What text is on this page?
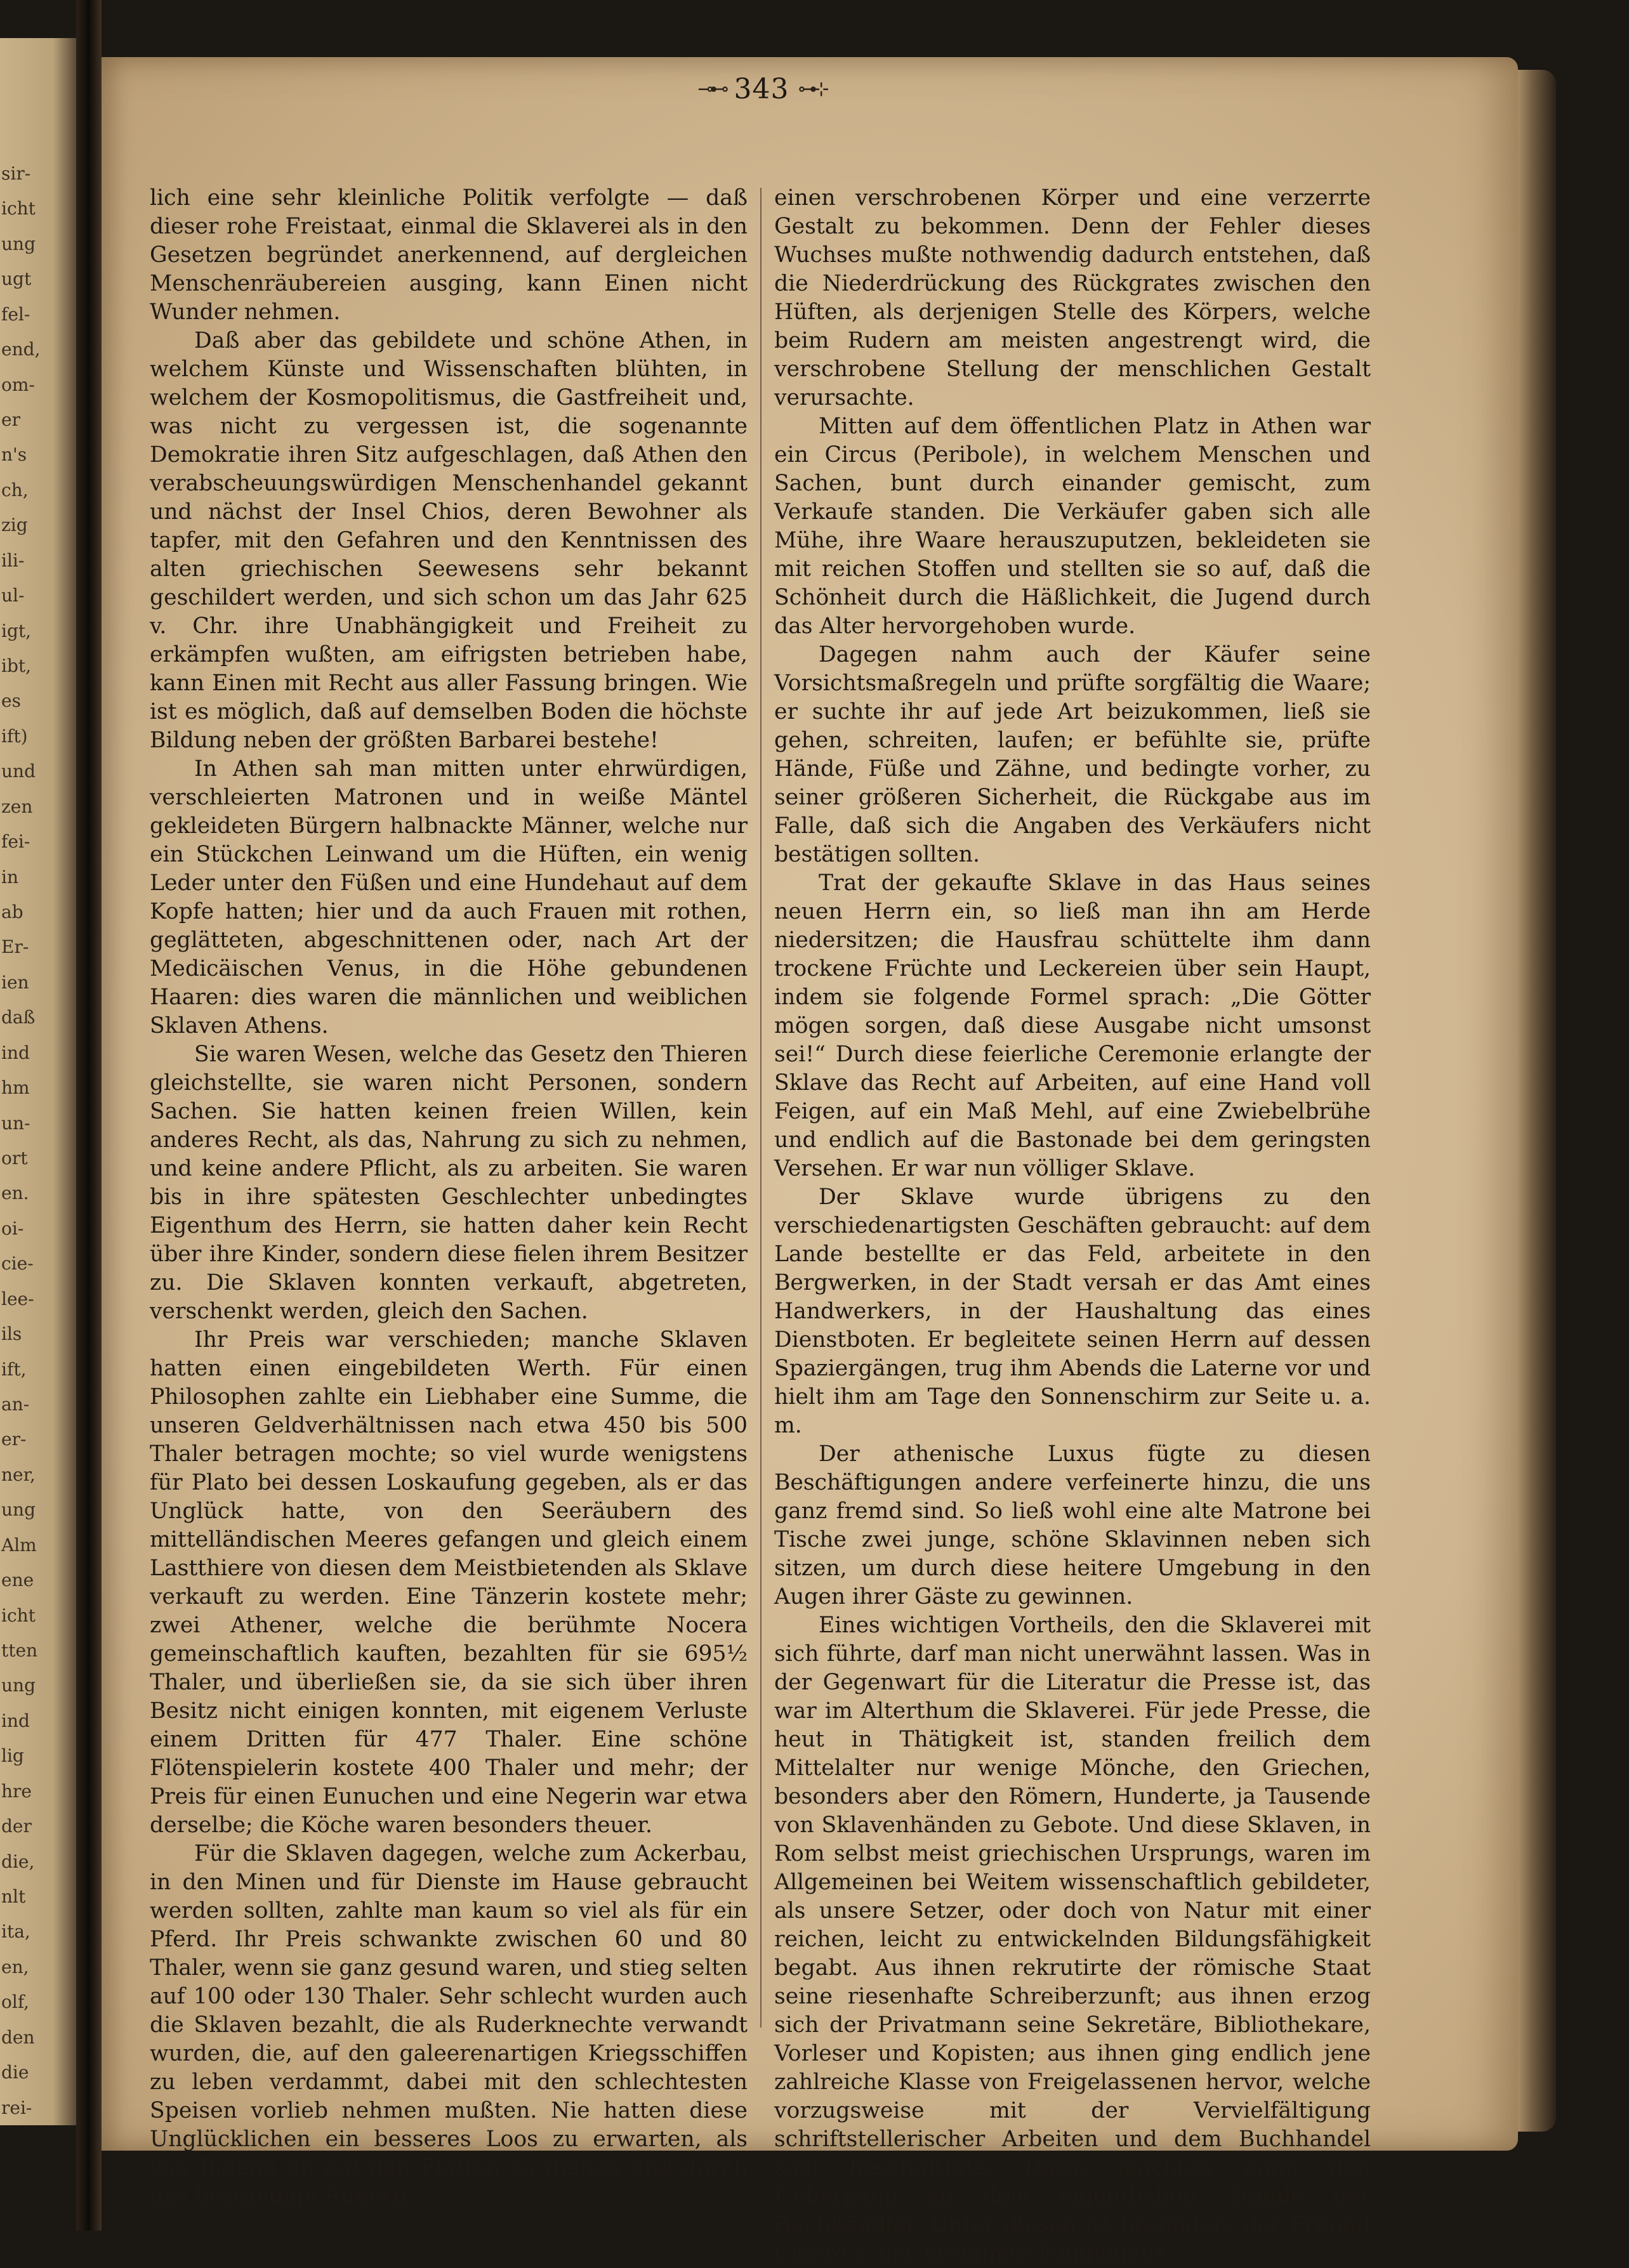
sir-
icht
ung
ugt
fel-
end,
om-
er
n's
ch,
zig
ili-
ul-
igt,
ibt,
es
ift)
und
zen
fei-
in
ab
Er-
ien
daß
ind
hm
un-
ort
en.
oi-
cie-
lee-
ils
ift,
an-
er-
ner,
ung
Alm
ene
icht
tten
ung
ind
lig
hre
der
die,
nlt
ita,
en,
olf,
den
die
rei-
⊸⊷ 343 ⊶⊹

lich eine sehr kleinliche Politik verfolgte — daß dieser rohe Freistaat, einmal die Sklaverei als in den Gesetzen begründet anerkennend, auf dergleichen Menschenräubereien ausging, kann Einen nicht Wunder nehmen.

Daß aber das gebildete und schöne Athen, in welchem Künste und Wissenschaften blühten, in welchem der Kosmopolitismus, die Gastfreiheit und, was nicht zu vergessen ist, die sogenannte Demokratie ihren Sitz aufgeschlagen, daß Athen den verabscheuungswürdigen Menschenhandel gekannt und nächst der Insel Chios, deren Bewohner als tapfer, mit den Gefahren und den Kenntnissen des alten griechischen Seewesens sehr bekannt geschildert werden, und sich schon um das Jahr 625 v. Chr. ihre Unabhängigkeit und Freiheit zu erkämpfen wußten, am eifrigsten betrieben habe, kann Einen mit Recht aus aller Fassung bringen. Wie ist es möglich, daß auf demselben Boden die höchste Bildung neben der größten Barbarei bestehe!

In Athen sah man mitten unter ehrwürdigen, verschleierten Matronen und in weiße Mäntel gekleideten Bürgern halbnackte Männer, welche nur ein Stückchen Leinwand um die Hüften, ein wenig Leder unter den Füßen und eine Hundehaut auf dem Kopfe hatten; hier und da auch Frauen mit rothen, geglätteten, abgeschnittenen oder, nach Art der Medicäischen Venus, in die Höhe gebundenen Haaren: dies waren die männlichen und weiblichen Sklaven Athens.

Sie waren Wesen, welche das Gesetz den Thieren gleichstellte, sie waren nicht Personen, sondern Sachen. Sie hatten keinen freien Willen, kein anderes Recht, als das, Nahrung zu sich zu nehmen, und keine andere Pflicht, als zu arbeiten. Sie waren bis in ihre spätesten Geschlechter unbedingtes Eigenthum des Herrn, sie hatten daher kein Recht über ihre Kinder, sondern diese fielen ihrem Besitzer zu. Die Sklaven konnten verkauft, abgetreten, verschenkt werden, gleich den Sachen.

Ihr Preis war verschieden; manche Sklaven hatten einen eingebildeten Werth. Für einen Philosophen zahlte ein Liebhaber eine Summe, die unseren Geldverhältnissen nach etwa 450 bis 500 Thaler betragen mochte; so viel wurde wenigstens für Plato bei dessen Loskaufung gegeben, als er das Unglück hatte, von den Seeräubern des mittelländischen Meeres gefangen und gleich einem Lastthiere von diesen dem Meistbietenden als Sklave verkauft zu werden. Eine Tänzerin kostete mehr; zwei Athener, welche die berühmte Nocera gemeinschaftlich kauften, bezahlten für sie 695½ Thaler, und überließen sie, da sie sich über ihren Besitz nicht einigen konnten, mit eigenem Verluste einem Dritten für 477 Thaler. Eine schöne Flötenspielerin kostete 400 Thaler und mehr; der Preis für einen Eunuchen und eine Negerin war etwa derselbe; die Köche waren besonders theuer.

Für die Sklaven dagegen, welche zum Ackerbau, in den Minen und für Dienste im Hause gebraucht werden sollten, zahlte man kaum so viel als für ein Pferd. Ihr Preis schwankte zwischen 60 und 80 Thaler, wenn sie ganz gesund waren, und stieg selten auf 100 oder 130 Thaler. Sehr schlecht wurden auch die Sklaven bezahlt, die als Ruderknechte verwandt wurden, die, auf den galeerenartigen Kriegsschiffen zu leben verdammt, dabei mit den schlechtesten Speisen vorlieb nehmen mußten. Nie hatten diese Unglücklichen ein besseres Loos zu erwarten, als von Jugend an auf den Flotten zu dienen und durch das beständige Rudern

einen verschrobenen Körper und eine verzerrte Gestalt zu bekommen. Denn der Fehler dieses Wuchses mußte nothwendig dadurch entstehen, daß die Niederdrückung des Rückgrates zwischen den Hüften, als derjenigen Stelle des Körpers, welche beim Rudern am meisten angestrengt wird, die verschrobene Stellung der menschlichen Gestalt verursachte.

Mitten auf dem öffentlichen Platz in Athen war ein Circus (Peribole), in welchem Menschen und Sachen, bunt durch einander gemischt, zum Verkaufe standen. Die Verkäufer gaben sich alle Mühe, ihre Waare herauszuputzen, bekleideten sie mit reichen Stoffen und stellten sie so auf, daß die Schönheit durch die Häßlichkeit, die Jugend durch das Alter hervorgehoben wurde.

Dagegen nahm auch der Käufer seine Vorsichtsmaßregeln und prüfte sorgfältig die Waare; er suchte ihr auf jede Art beizukommen, ließ sie gehen, schreiten, laufen; er befühlte sie, prüfte Hände, Füße und Zähne, und bedingte vorher, zu seiner größeren Sicherheit, die Rückgabe aus im Falle, daß sich die Angaben des Verkäufers nicht bestätigen sollten.

Trat der gekaufte Sklave in das Haus seines neuen Herrn ein, so ließ man ihn am Herde niedersitzen; die Hausfrau schüttelte ihm dann trockene Früchte und Leckereien über sein Haupt, indem sie folgende Formel sprach: „Die Götter mögen sorgen, daß diese Ausgabe nicht umsonst sei!“ Durch diese feierliche Ceremonie erlangte der Sklave das Recht auf Arbeiten, auf eine Hand voll Feigen, auf ein Maß Mehl, auf eine Zwiebelbrühe und endlich auf die Bastonade bei dem geringsten Versehen. Er war nun völliger Sklave.

Der Sklave wurde übrigens zu den verschiedenartigsten Geschäften gebraucht: auf dem Lande bestellte er das Feld, arbeitete in den Bergwerken, in der Stadt versah er das Amt eines Handwerkers, in der Haushaltung das eines Dienstboten. Er begleitete seinen Herrn auf dessen Spaziergängen, trug ihm Abends die Laterne vor und hielt ihm am Tage den Sonnenschirm zur Seite u. a. m.

Der athenische Luxus fügte zu diesen Beschäftigungen andere verfeinerte hinzu, die uns ganz fremd sind. So ließ wohl eine alte Matrone bei Tische zwei junge, schöne Sklavinnen neben sich sitzen, um durch diese heitere Umgebung in den Augen ihrer Gäste zu gewinnen.

Eines wichtigen Vortheils, den die Sklaverei mit sich führte, darf man nicht unerwähnt lassen. Was in der Gegenwart für die Literatur die Presse ist, das war im Alterthum die Sklaverei. Für jede Presse, die heut in Thätigkeit ist, standen freilich dem Mittelalter nur wenige Mönche, den Griechen, besonders aber den Römern, Hunderte, ja Tausende von Sklavenhänden zu Gebote. Und diese Sklaven, in Rom selbst meist griechischen Ursprungs, waren im Allgemeinen bei Weitem wissenschaftlich gebildeter, als unsere Setzer, oder doch von Natur mit einer reichen, leicht zu entwickelnden Bildungsfähigkeit begabt. Aus ihnen rekrutirte der römische Staat seine riesenhafte Schreiberzunft; aus ihnen erzog sich der Privatmann seine Sekretäre, Bibliothekare, Vorleser und Kopisten; aus ihnen ging endlich jene zahlreiche Klasse von Freigelassenen hervor, welche vorzugsweise mit der Vervielfältigung schriftstellerischer Arbeiten und dem Buchhandel sich beschäftigte. Diese machten dann den Uebergang zu dem eigentlichen Stande der Buchhändler. Unter diesen ist besonders der Freund Cicero's, der berühmte Pomponeus
